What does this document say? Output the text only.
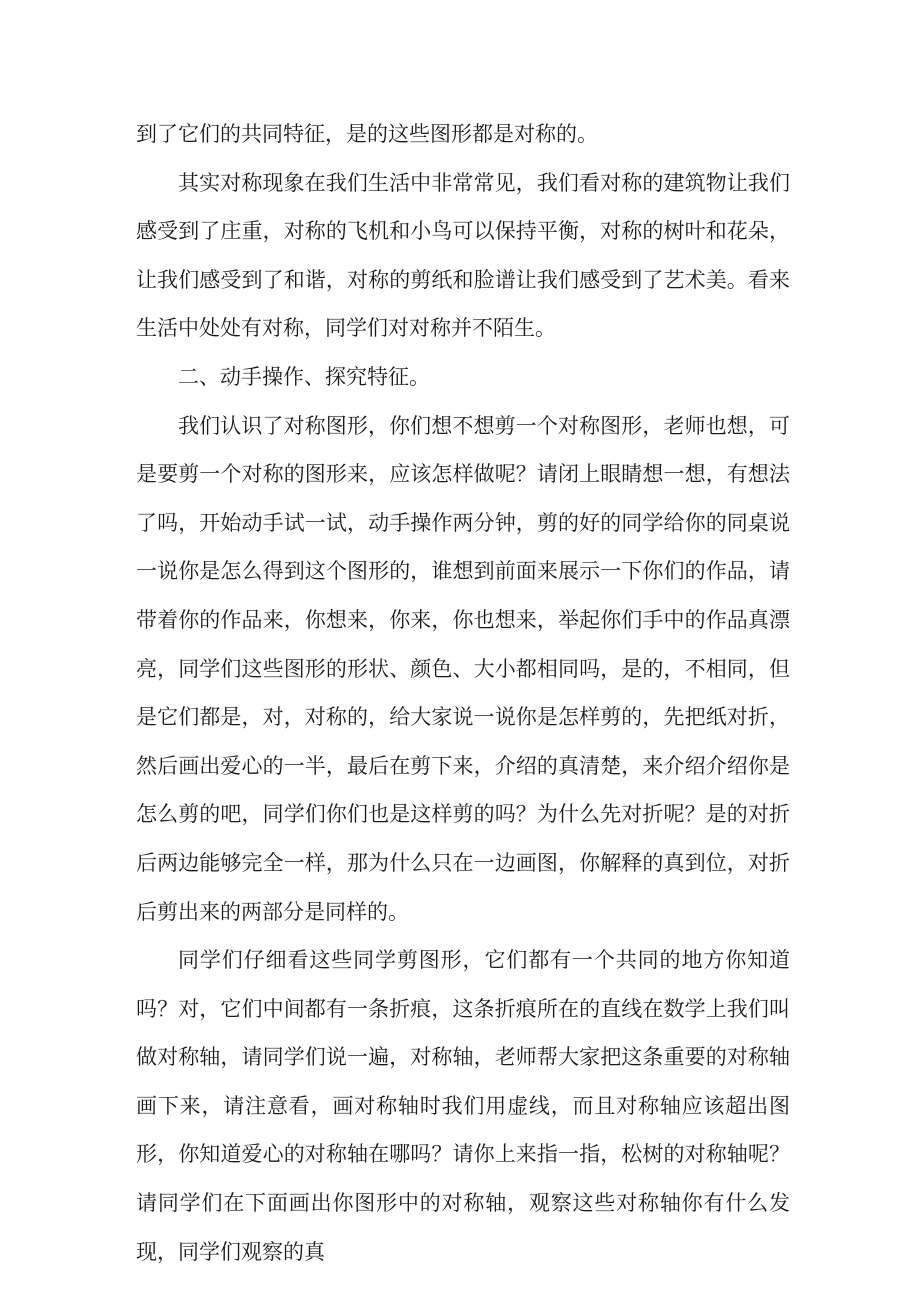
到了它们的共同特征，是的这些图形都是对称的。

其实对称现象在我们生活中非常常见，我们看对称的建筑物让我们感受到了庄重，对称的飞机和小鸟可以保持平衡，对称的树叶和花朵，让我们感受到了和谐，对称的剪纸和脸谱让我们感受到了艺术美。看来生活中处处有对称，同学们对对称并不陌生。

二、动手操作、探究特征。

我们认识了对称图形，你们想不想剪一个对称图形，老师也想，可是要剪一个对称的图形来，应该怎样做呢？请闭上眼睛想一想，有想法了吗，开始动手试一试，动手操作两分钟，剪的好的同学给你的同桌说一说你是怎么得到这个图形的，谁想到前面来展示一下你们的作品，请带着你的作品来，你想来，你来，你也想来，举起你们手中的作品真漂亮，同学们这些图形的形状、颜色、大小都相同吗，是的，不相同，但是它们都是，对，对称的，给大家说一说你是怎样剪的，先把纸对折，然后画出爱心的一半，最后在剪下来，介绍的真清楚，来介绍介绍你是怎么剪的吧，同学们你们也是这样剪的吗？为什么先对折呢？是的对折后两边能够完全一样，那为什么只在一边画图，你解释的真到位，对折后剪出来的两部分是同样的。

同学们仔细看这些同学剪图形，它们都有一个共同的地方你知道吗？对，它们中间都有一条折痕，这条折痕所在的直线在数学上我们叫做对称轴，请同学们说一遍，对称轴，老师帮大家把这条重要的对称轴画下来，请注意看，画对称轴时我们用虚线，而且对称轴应该超出图形，你知道爱心的对称轴在哪吗？请你上来指一指，松树的对称轴呢？请同学们在下面画出你图形中的对称轴，观察这些对称轴你有什么发现，同学们观察的真
